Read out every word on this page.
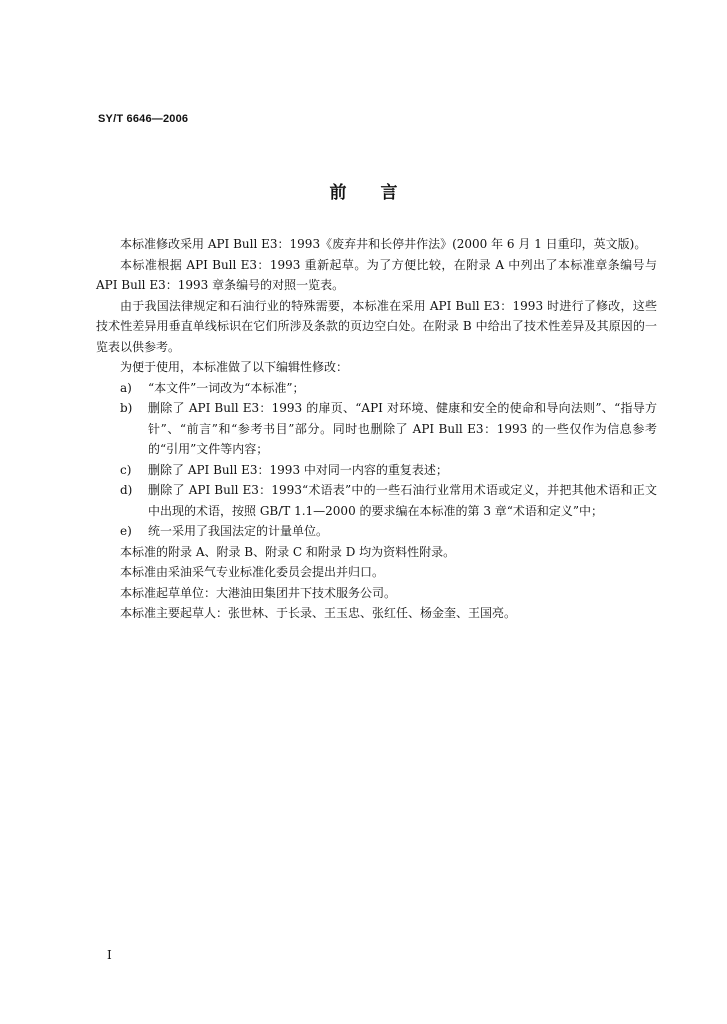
SY/T 6646—2006
前 言

本标准修改采用 API Bull E3：1993《废弃井和长停井作法》(2000 年 6 月 1 日重印，英文版)。

本标准根据 API Bull E3：1993 重新起草。为了方便比较，在附录 A 中列出了本标准章条编号与 API Bull E3：1993 章条编号的对照一览表。

由于我国法律规定和石油行业的特殊需要，本标准在采用 API Bull E3：1993 时进行了修改，这些技术性差异用垂直单线标识在它们所涉及条款的页边空白处。在附录 B 中给出了技术性差异及其原因的一览表以供参考。

为便于使用，本标准做了以下编辑性修改：

a)	“本文件”一词改为“本标准”；
b)	删除了 API Bull E3：1993 的扉页、“API 对环境、健康和安全的使命和导向法则”、“指导方针”、“前言”和“参考书目”部分。同时也删除了 API Bull E3：1993 的一些仅作为信息参考的“引用”文件等内容；
c)	删除了 API Bull E3：1993 中对同一内容的重复表述；
d)	删除了 API Bull E3：1993“术语表”中的一些石油行业常用术语或定义，并把其他术语和正文中出现的术语，按照 GB/T 1.1—2000 的要求编在本标准的第 3 章“术语和定义”中；
e)	统一采用了我国法定的计量单位。

本标准的附录 A、附录 B、附录 C 和附录 D 均为资料性附录。

本标准由采油采气专业标准化委员会提出并归口。

本标准起草单位：大港油田集团井下技术服务公司。

本标准主要起草人：张世林、于长录、王玉忠、张红任、杨金奎、王国亮。

I
